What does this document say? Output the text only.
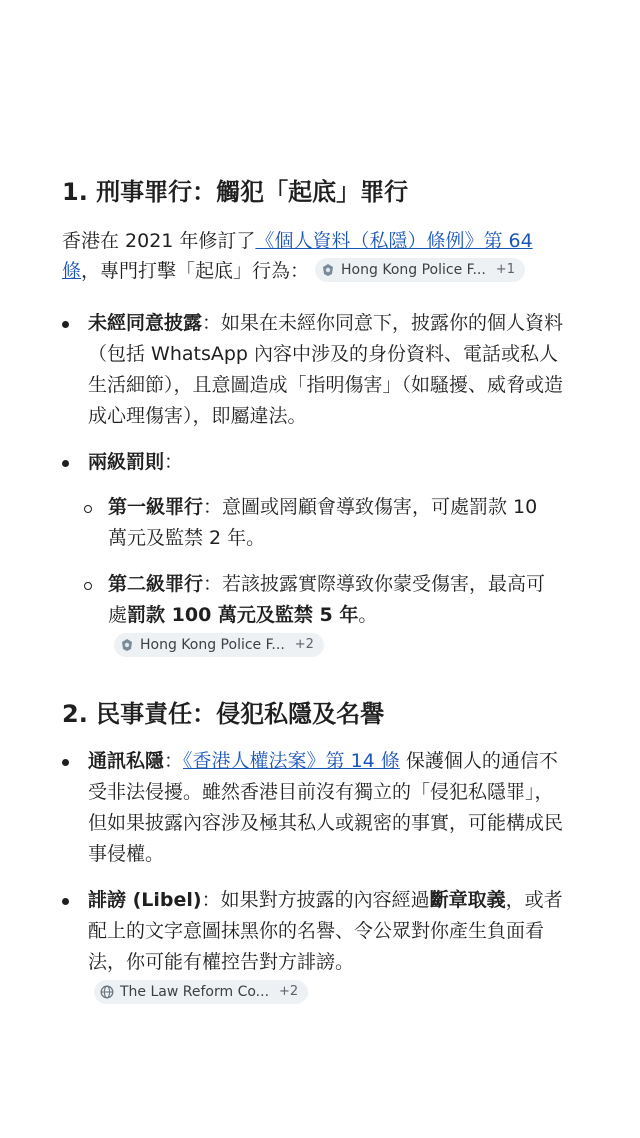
1. 刑事罪行：觸犯「起底」罪行
香港在 2021 年修訂了《個人資料（私隱）條例》第 64 條，專門打擊「起底」行為： Hong Kong Police F... +1
未經同意披露：如果在未經你同意下，披露你的個人資料（包括 WhatsApp 內容中涉及的身份資料、電話或私人生活細節），且意圖造成「指明傷害」（如騷擾、威脅或造成心理傷害），即屬違法。
兩級罰則：
第一級罪行：意圖或罔顧會導致傷害，可處罰款 10 萬元及監禁 2 年。
第二級罪行：若該披露實際導致你蒙受傷害，最高可處罰款 100 萬元及監禁 5 年。
Hong Kong Police F... +2
2. 民事責任：侵犯私隱及名譽
通訊私隱：《香港人權法案》第 14 條 保護個人的通信不受非法侵擾。雖然香港目前沒有獨立的「侵犯私隱罪」，但如果披露內容涉及極其私人或親密的事實，可能構成民事侵權。
誹謗 (Libel)：如果對方披露的內容經過斷章取義，或者配上的文字意圖抹黑你的名譽、令公眾對你產生負面看法，你可能有權控告對方誹謗。
The Law Reform Co... +2
